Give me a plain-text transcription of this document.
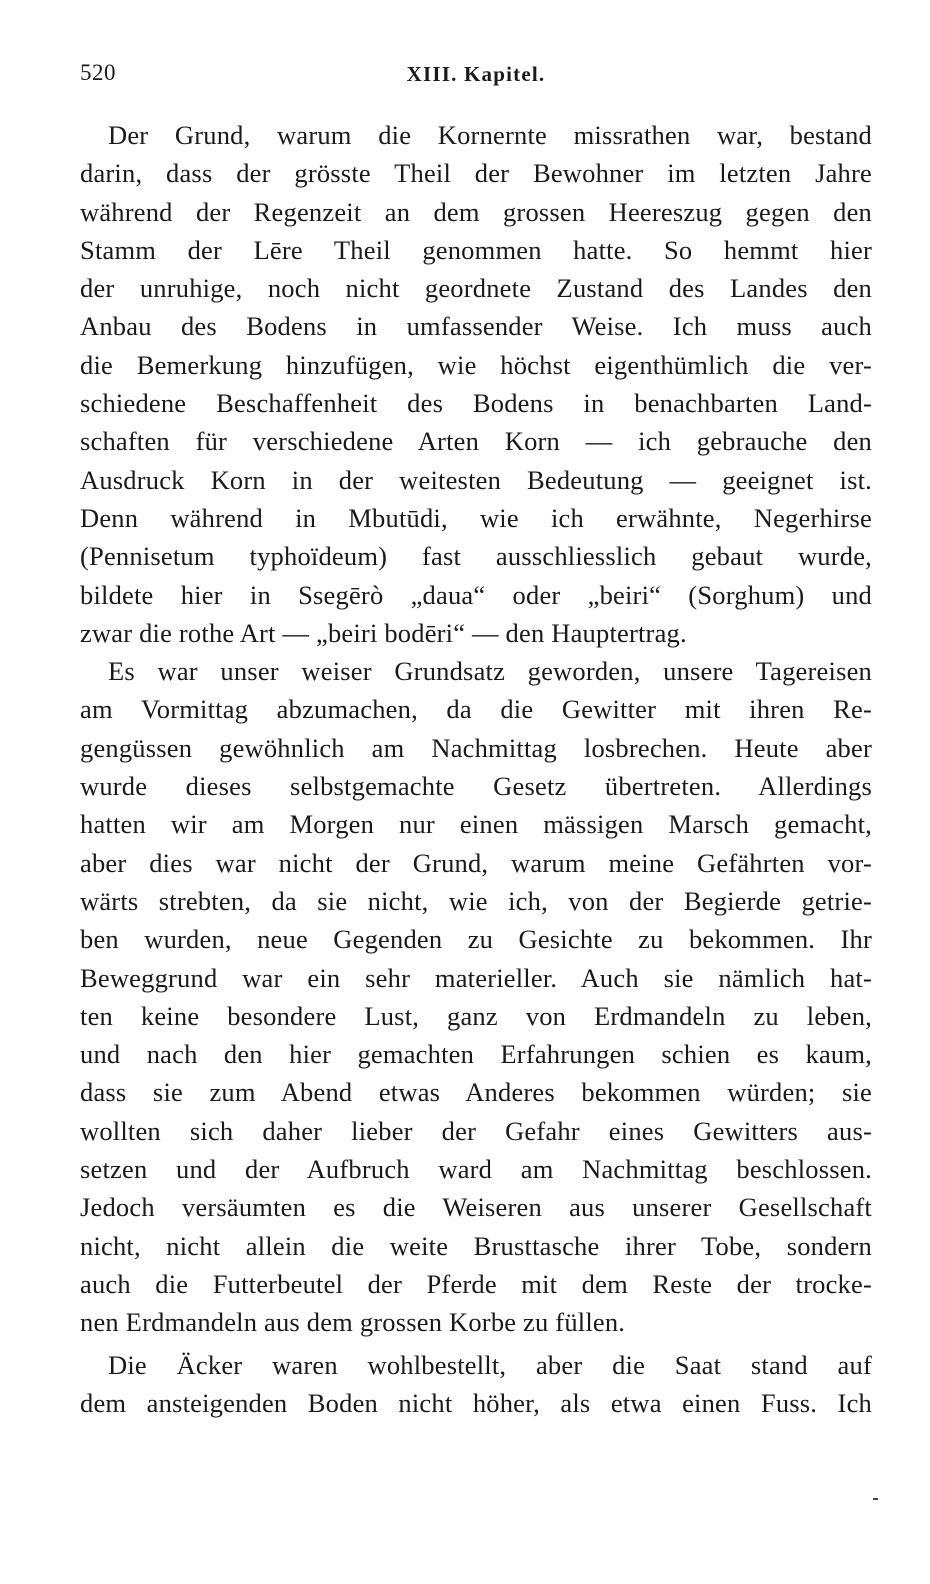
520	XIII. Kapitel.
Der Grund, warum die Kornernte missrathen war, bestand
darin, dass der grösste Theil der Bewohner im letzten Jahre
während der Regenzeit an dem grossen Heereszug gegen den
Stamm der Lēre Theil genommen hatte. So hemmt hier
der unruhige, noch nicht geordnete Zustand des Landes den
Anbau des Bodens in umfassender Weise. Ich muss auch
die Bemerkung hinzufügen, wie höchst eigenthümlich die ver-
schiedene Beschaffenheit des Bodens in benachbarten Land-
schaften für verschiedene Arten Korn — ich gebrauche den
Ausdruck Korn in der weitesten Bedeutung — geeignet ist.
Denn während in Mbutūdi, wie ich erwähnte, Negerhirse
(Pennisetum typhoïdeum) fast ausschliesslich gebaut wurde,
bildete hier in Ssegērò „daua“ oder „beiri“ (Sorghum) und
zwar die rothe Art — „beiri bodēri“ — den Hauptertrag.
Es war unser weiser Grundsatz geworden, unsere Tagereisen
am Vormittag abzumachen, da die Gewitter mit ihren Re-
gengüssen gewöhnlich am Nachmittag losbrechen. Heute aber
wurde dieses selbstgemachte Gesetz übertreten. Allerdings
hatten wir am Morgen nur einen mässigen Marsch gemacht,
aber dies war nicht der Grund, warum meine Gefährten vor-
wärts strebten, da sie nicht, wie ich, von der Begierde getrie-
ben wurden, neue Gegenden zu Gesichte zu bekommen. Ihr
Beweggrund war ein sehr materieller. Auch sie nämlich hat-
ten keine besondere Lust, ganz von Erdmandeln zu leben,
und nach den hier gemachten Erfahrungen schien es kaum,
dass sie zum Abend etwas Anderes bekommen würden; sie
wollten sich daher lieber der Gefahr eines Gewitters aus-
setzen und der Aufbruch ward am Nachmittag beschlossen.
Jedoch versäumten es die Weiseren aus unserer Gesellschaft
nicht, nicht allein die weite Brusttasche ihrer Tobe, sondern
auch die Futterbeutel der Pferde mit dem Reste der trocke-
nen Erdmandeln aus dem grossen Korbe zu füllen.
Die Äcker waren wohlbestellt, aber die Saat stand auf
dem ansteigenden Boden nicht höher, als etwa einen Fuss. Ich
